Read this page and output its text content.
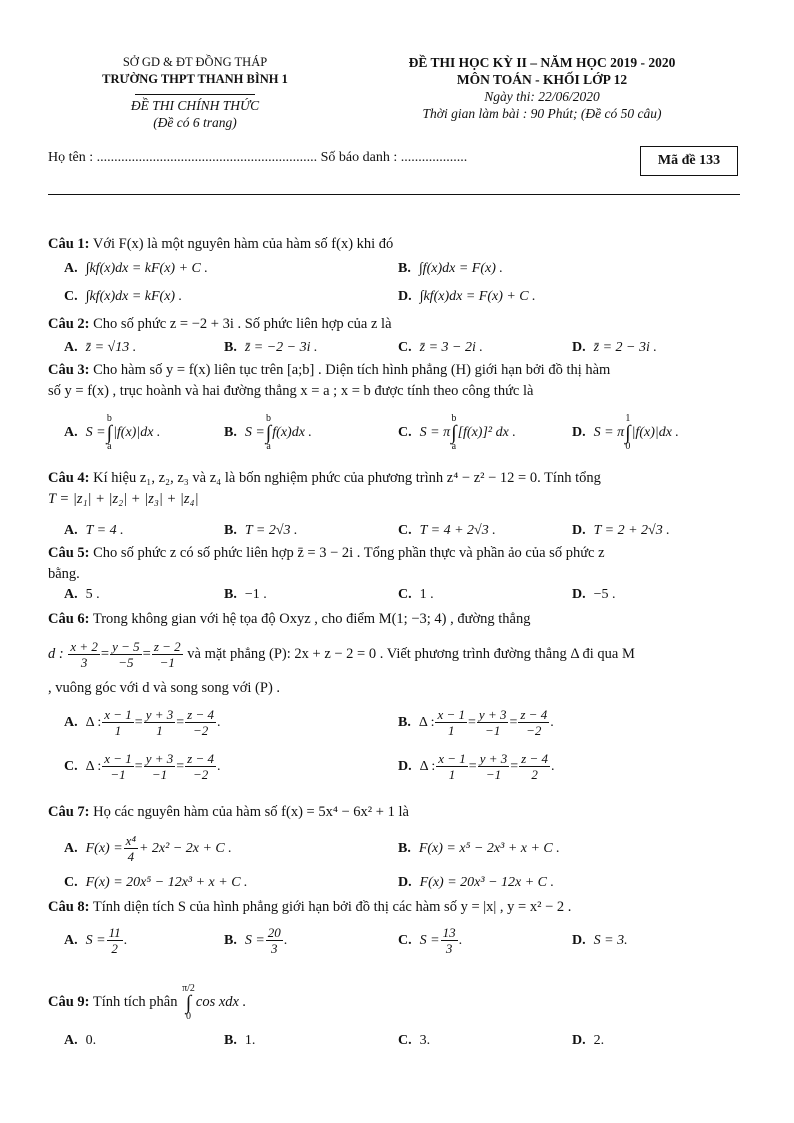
SỞ GD & ĐT ĐỒNG THÁP
TRƯỜNG THPT THANH BÌNH 1
ĐỀ THI CHÍNH THỨC
(Đề có 6 trang)
ĐỀ THI HỌC KỲ II – NĂM HỌC 2019 - 2020
MÔN TOÁN - KHỐI LỚP 12
Ngày thi: 22/06/2020
Thời gian làm bài : 90 Phút; (Đề có 50 câu)
Họ tên : ............................................................... Số báo danh : ...................	Mã đề 133
Câu 1: Với F(x) là một nguyên hàm của hàm số f(x) khi đó
A. ∫kf(x)dx = kF(x) + C .	B. ∫f(x)dx = F(x) .
C. ∫kf(x)dx = kF(x) .	D. ∫kf(x)dx = F(x) + C .
Câu 2: Cho số phức z = −2 + 3i . Số phức liên hợp của z là
A. z̄ = √13 .	B. z̄ = −2 − 3i .	C. z̄ = 3 − 2i .	D. z̄ = 2 − 3i .
Câu 3: Cho hàm số y = f(x) liên tục trên [a;b] . Diện tích hình phẳng (H) giới hạn bởi đồ thị hàm
số y = f(x) , trục hoành và hai đường thẳng x = a ; x = b được tính theo công thức là
A. S =b
∫
a|f(x)|dx .	B. S =b
∫
af(x)dx .	C. S = πb
∫
a[f(x)]² dx .	D. S = π1
∫
0|f(x)|dx .
Câu 4: Kí hiệu z₁, z₂, z₃ và z₄ là bốn nghiệm phức của phương trình z⁴ − z² − 12 = 0. Tính tổng
T = |z₁| + |z₂| + |z₃| + |z₄|
A. T = 4 .	B. T = 2√3 .	C. T = 4 + 2√3 .	D. T = 2 + 2√3 .
Câu 5: Cho số phức z có số phức liên hợp z̄ = 3 − 2i . Tổng phần thực và phần ảo của số phức z
bằng.
A. 5 .	B. −1 .	C. 1 .	D. −5 .
Câu 6: Trong không gian với hệ tọa độ Oxyz , cho điểm M(1; −3; 4) , đường thẳng
d : $\frac{x + 2}{3} = \frac{y - 5}{-5} = \frac{z - 2}{-1}$ và mặt phẳng (P): 2x + z − 2 = 0 . Viết phương trình đường thẳng Δ đi qua M
, vuông góc với d và song song với (P) .
A. Δ : $\frac{x - 1}{1} = \frac{y + 3}{1} = \frac{z - 4}{-2}$ .	B. Δ : $\frac{x - 1}{1} = \frac{y + 3}{-1} = \frac{z - 4}{-2}$ .
C. Δ : $\frac{x - 1}{-1} = \frac{y + 3}{-1} = \frac{z - 4}{-2}$ .	D. Δ : $\frac{x - 1}{1} = \frac{y + 3}{-1} = \frac{z - 4}{2}$ .
Câu 7: Họ các nguyên hàm của hàm số f(x) = 5x⁴ − 6x² + 1 là
A. $F(x) = \frac{\text{x⁴}}{4} + 2x^2 - 2x + C$ .	B. F(x) = x⁵ − 2x³ + x + C .
C. F(x) = 20x⁵ − 12x³ + x + C .	D. F(x) = 20x³ − 12x + C .
Câu 8: Tính diện tích S của hình phẳng giới hạn bởi đồ thị các hàm số y = |x| , y = x² − 2 .
A. $S = \frac{11}{2}$ .	B. $S = \frac{20}{3}$ .	C. $S = \frac{13}{3}$ .	D. S = 3.
Câu 9: Tính tích phân π/2
∫
0cos xdx .
A. 0.	B. 1.	C. 3.	D. 2.
